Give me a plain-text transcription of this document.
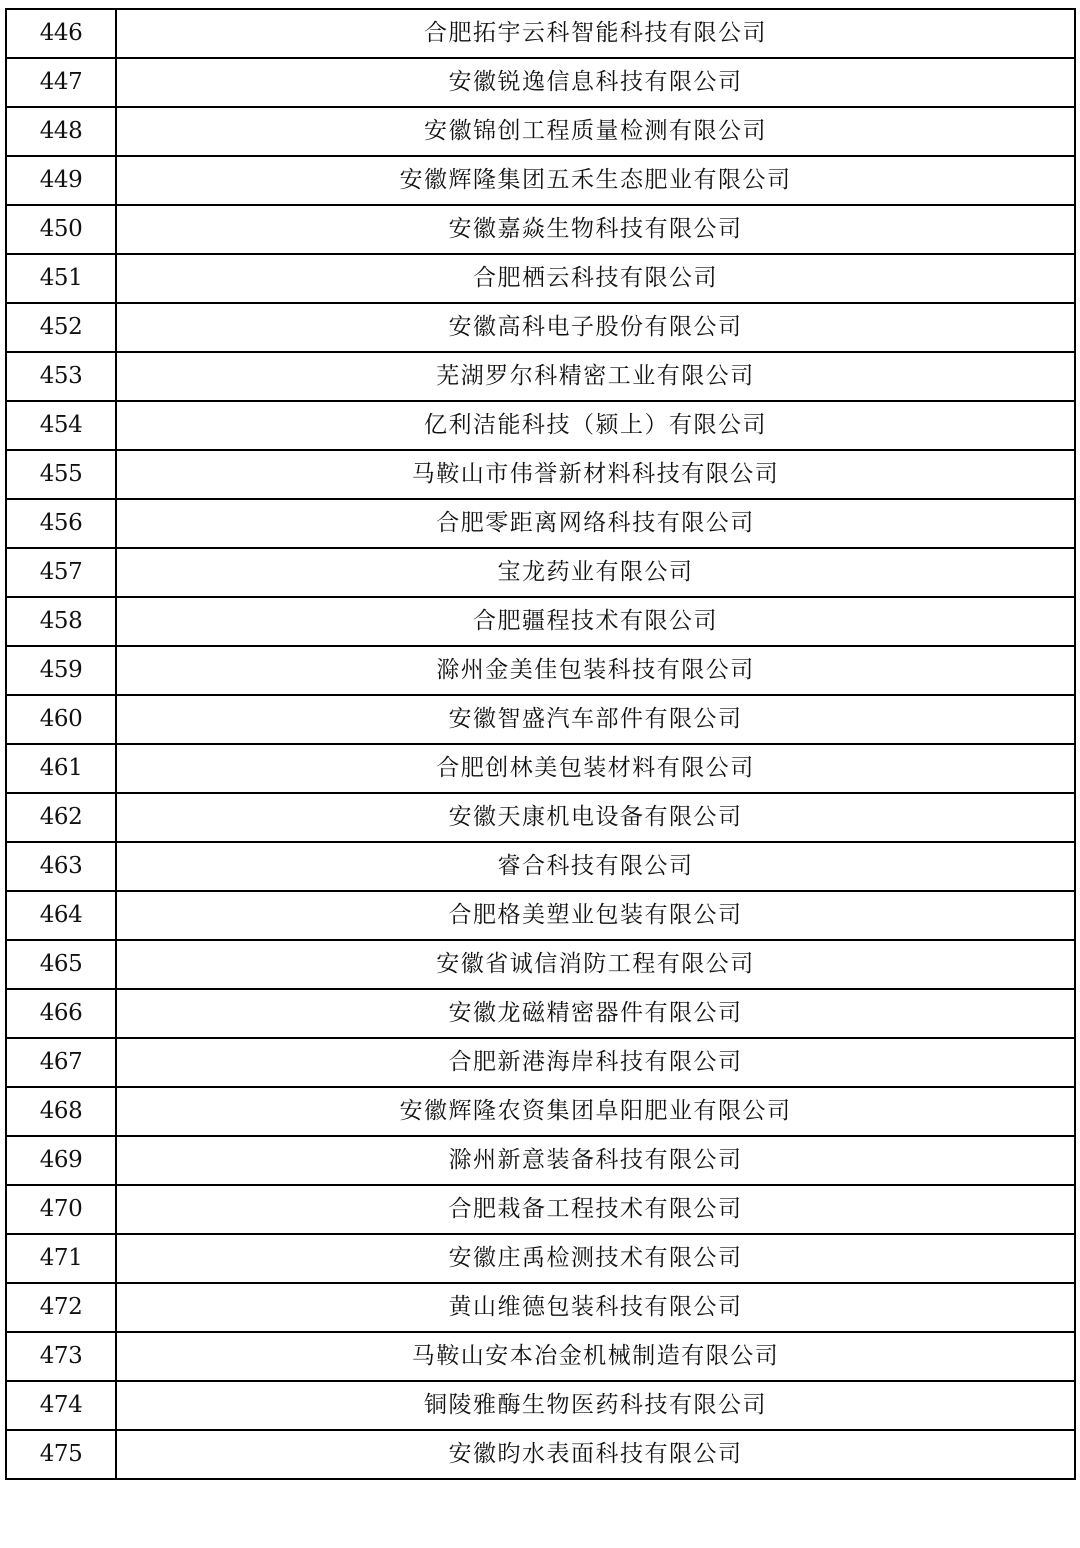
446	合肥拓宇云科智能科技有限公司
447	安徽锐逸信息科技有限公司
448	安徽锦创工程质量检测有限公司
449	安徽辉隆集团五禾生态肥业有限公司
450	安徽嘉焱生物科技有限公司
451	合肥栖云科技有限公司
452	安徽高科电子股份有限公司
453	芜湖罗尔科精密工业有限公司
454	亿利洁能科技（颍上）有限公司
455	马鞍山市伟誉新材料科技有限公司
456	合肥零距离网络科技有限公司
457	宝龙药业有限公司
458	合肥疆程技术有限公司
459	滁州金美佳包装科技有限公司
460	安徽智盛汽车部件有限公司
461	合肥创林美包装材料有限公司
462	安徽天康机电设备有限公司
463	睿合科技有限公司
464	合肥格美塑业包装有限公司
465	安徽省诚信消防工程有限公司
466	安徽龙磁精密器件有限公司
467	合肥新港海岸科技有限公司
468	安徽辉隆农资集团阜阳肥业有限公司
469	滁州新意装备科技有限公司
470	合肥栽备工程技术有限公司
471	安徽庄禹检测技术有限公司
472	黄山维德包装科技有限公司
473	马鞍山安本冶金机械制造有限公司
474	铜陵雅酶生物医药科技有限公司
475	安徽昀水表面科技有限公司
